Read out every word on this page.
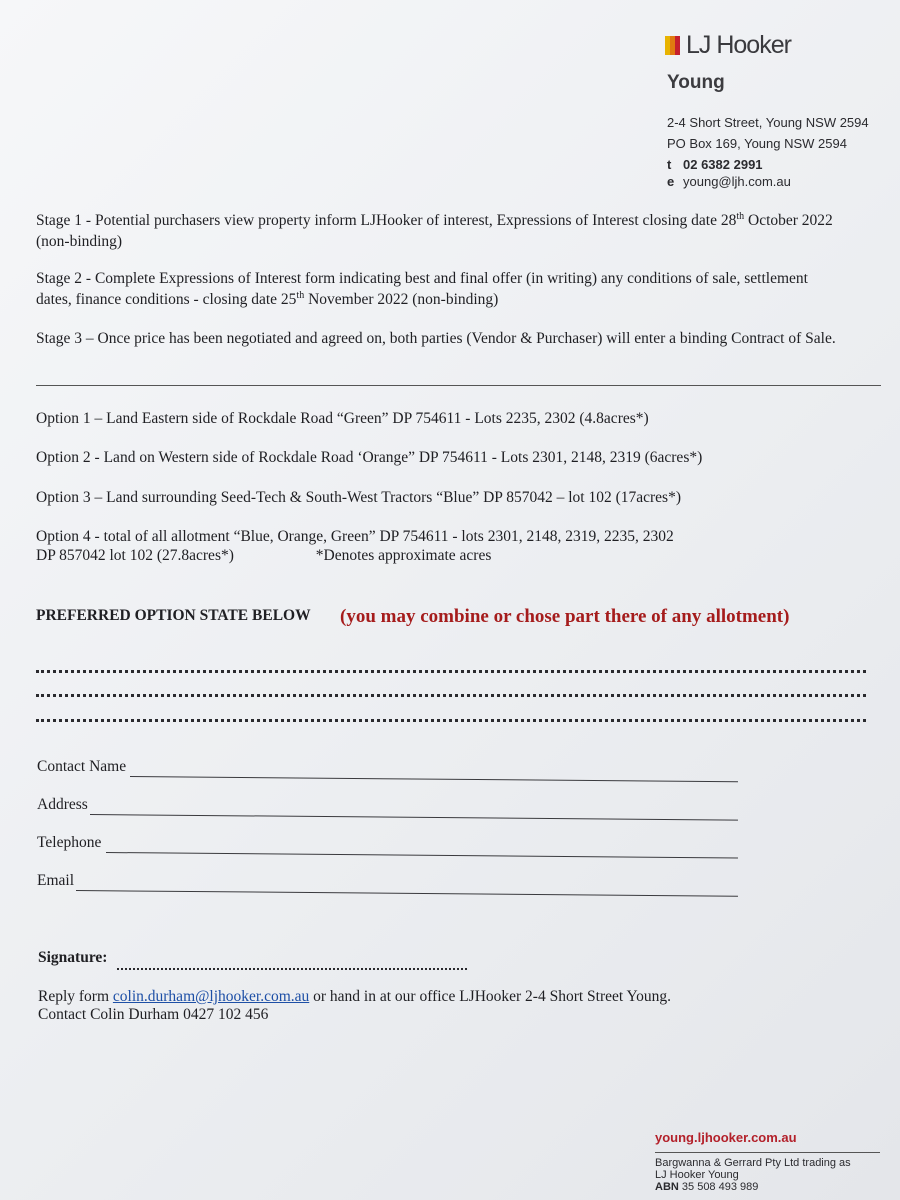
LJ Hooker
Young
2-4 Short Street, Young NSW 2594
PO Box 169, Young NSW 2594
t 02 6382 2991
e young@ljh.com.au
Stage 1 - Potential purchasers view property inform LJHooker of interest, Expressions of Interest closing date 28th October 2022 (non-binding)
Stage 2 - Complete Expressions of Interest form indicating best and final offer (in writing) any conditions of sale, settlement dates, finance conditions - closing date 25th November 2022 (non-binding)
Stage 3 – Once price has been negotiated and agreed on, both parties (Vendor & Purchaser) will enter a binding Contract of Sale.
Option 1 – Land Eastern side of Rockdale Road “Green” DP 754611 - Lots 2235, 2302 (4.8acres*)
Option 2 - Land on Western side of Rockdale Road ‘Orange” DP 754611 - Lots 2301, 2148, 2319 (6acres*)
Option 3 – Land surrounding Seed-Tech & South-West Tractors “Blue” DP 857042 – lot 102 (17acres*)
Option 4 - total of all allotment “Blue, Orange, Green” DP 754611 - lots 2301, 2148, 2319, 2235, 2302
DP 857042 lot 102 (27.8acres*)	*Denotes approximate acres
PREFERRED OPTION STATE BELOW (you may combine or chose part there of any allotment)
Contact Name
Address
Telephone
Email
Signature:
Reply form colin.durham@ljhooker.com.au or hand in at our office LJHooker 2-4 Short Street Young.
Contact Colin Durham 0427 102 456
young.ljhooker.com.au
Bargwanna & Gerrard Pty Ltd trading as
LJ Hooker Young
ABN 35 508 493 989
